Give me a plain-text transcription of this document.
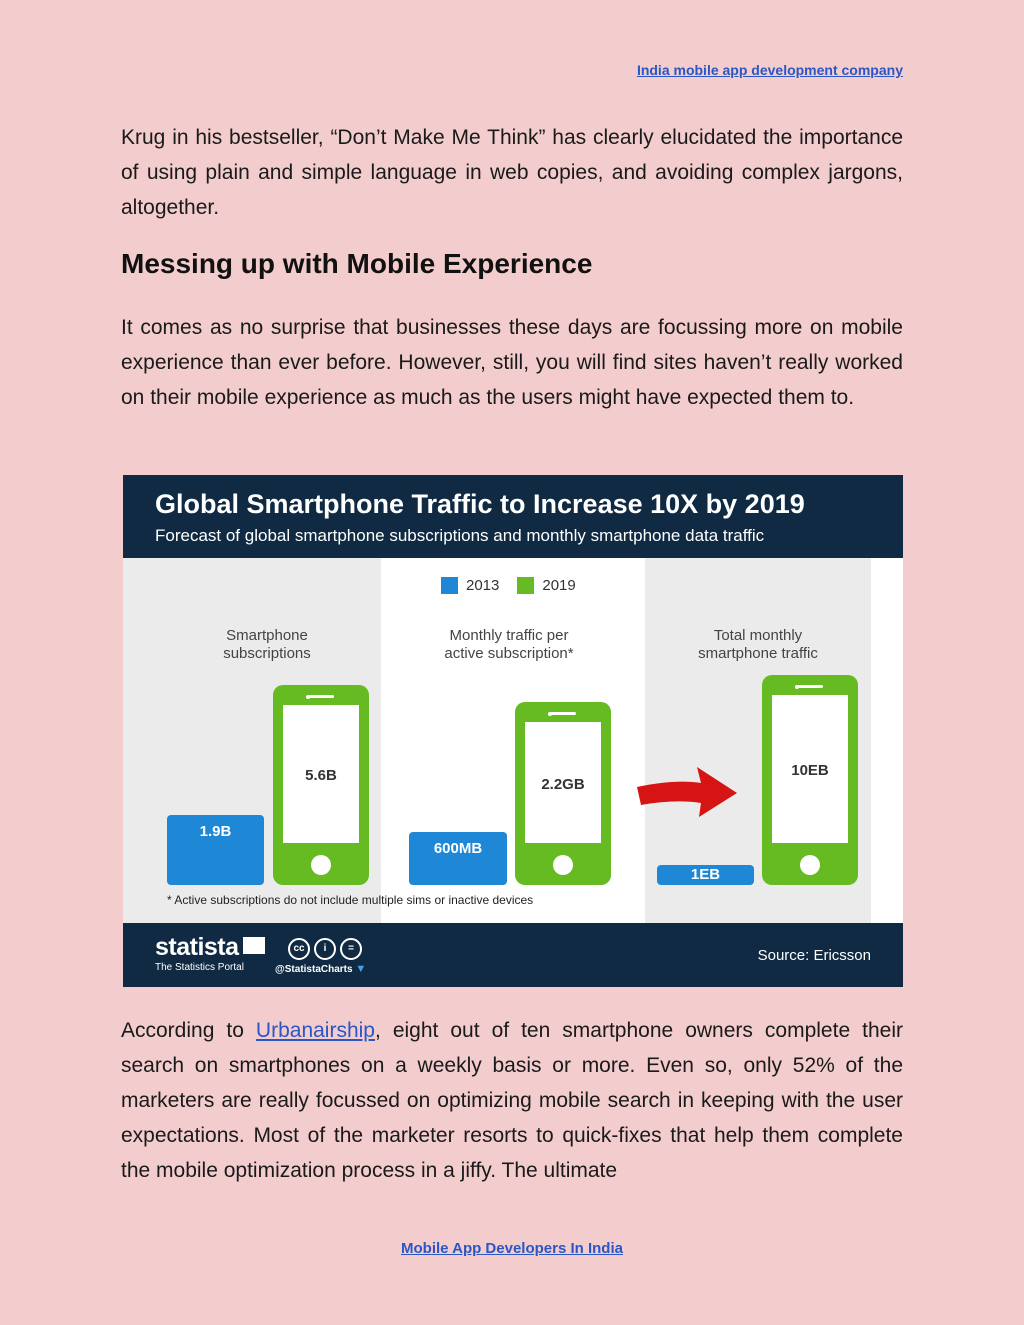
India mobile app development company

Krug in his bestseller, “Don’t Make Me Think” has clearly elucidated the importance of using plain and simple language in web copies, and avoiding complex jargons, altogether.

Messing up with Mobile Experience

It comes as no surprise that businesses these days are focussing more on mobile experience than ever before. However, still, you will find sites haven’t really worked on their mobile experience as much as the users might have expected them to.

Global Smartphone Traffic to Increase 10X by 2019
Forecast of global smartphone subscriptions and monthly smartphone data traffic
2013	2019
Smartphone
subscriptions
1.9B
5.6B
Monthly traffic per
active subscription*
600MB
2.2GB
Total monthly
smartphone traffic
1EB
10EB
* Active subscriptions do not include multiple sims or inactive devices
statista
The Statistics Portal
cc	i	=
@StatistaCharts ▼
Source: Ericsson

According to Urbanairship, eight out of ten smartphone owners complete their search on smartphones on a weekly basis or more. Even so, only 52% of the marketers are really focussed on optimizing mobile search in keeping with the user expectations. Most of the marketer resorts to quick-fixes that help them complete the mobile optimization process in a jiffy. The ultimate

Mobile App Developers In India
